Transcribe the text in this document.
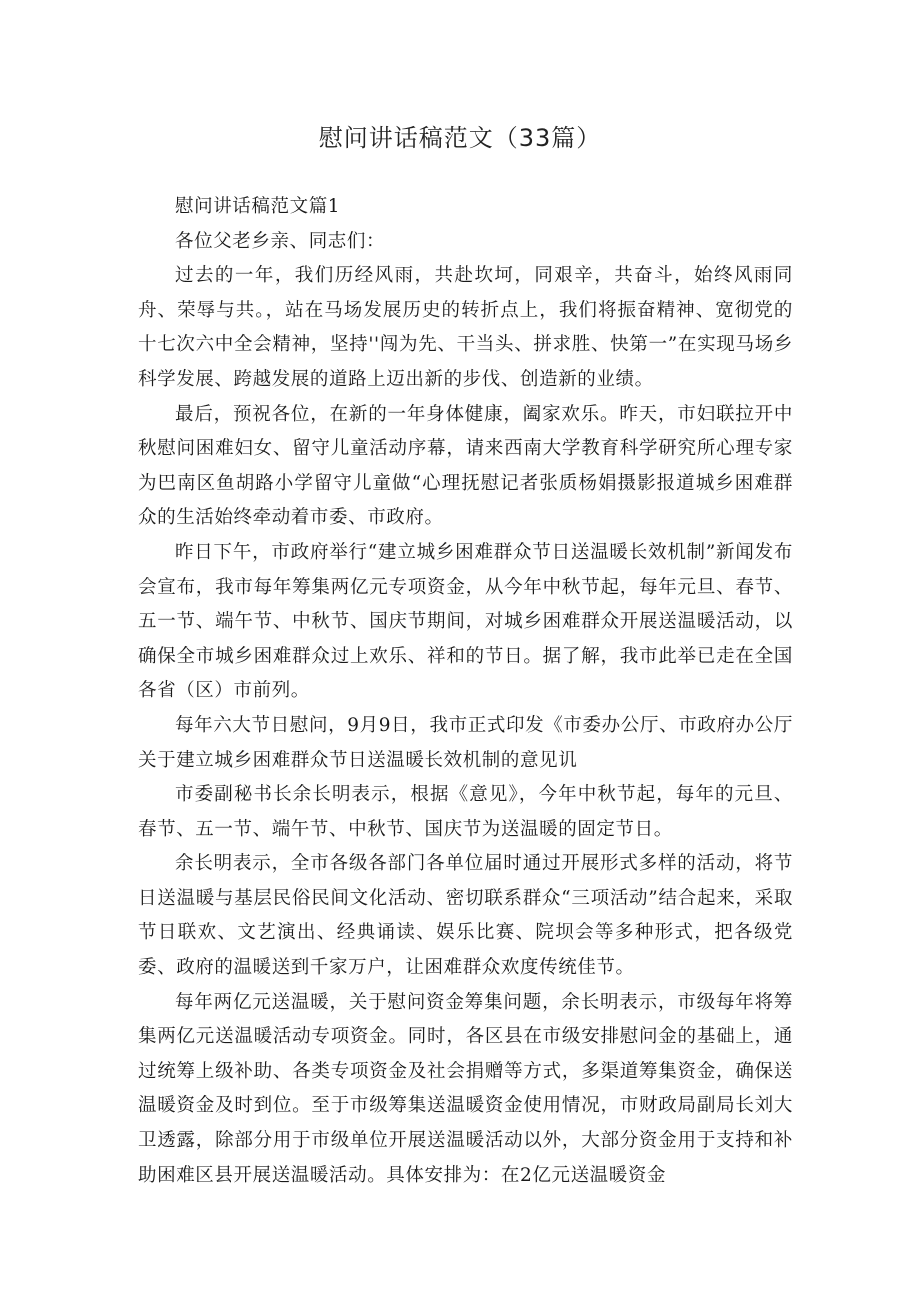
慰问讲话稿范文（33篇）

慰问讲话稿范文篇1

各位父老乡亲、同志们：

过去的一年，我们历经风雨，共赴坎坷，同艰辛，共奋斗，始终风雨同舟、荣辱与共。，站在马场发展历史的转折点上，我们将振奋精神、宽彻党的十七次六中全会精神，坚持''闯为先、干当头、拼求胜、快第一”在实现马场乡科学发展、跨越发展的道路上迈出新的步伐、创造新的业绩。

最后，预祝各位，在新的一年身体健康，阖家欢乐。昨天，市妇联拉开中秋慰问困难妇女、留守儿童活动序幕，请来西南大学教育科学研究所心理专家为巴南区鱼胡路小学留守儿童做“心理抚慰记者张质杨娟摄影报道城乡困难群众的生活始终牵动着市委、市政府。

昨日下午，市政府举行“建立城乡困难群众节日送温暖长效机制”新闻发布会宣布，我市每年筹集两亿元专项资金，从今年中秋节起，每年元旦、春节、五一节、端午节、中秋节、国庆节期间，对城乡困难群众开展送温暖活动，以确保全市城乡困难群众过上欢乐、祥和的节日。据了解，我市此举已走在全国各省（区）市前列。

每年六大节日慰问，9月9日，我市正式印发《市委办公厅、市政府办公厅关于建立城乡困难群众节日送温暖长效机制的意见讥

市委副秘书长余长明表示，根据《意见》，今年中秋节起，每年的元旦、春节、五一节、端午节、中秋节、国庆节为送温暖的固定节日。

余长明表示，全市各级各部门各单位届时通过开展形式多样的活动，将节日送温暖与基层民俗民间文化活动、密切联系群众“三项活动”结合起来，采取节日联欢、文艺演出、经典诵读、娱乐比赛、院坝会等多种形式，把各级党委、政府的温暖送到千家万户，让困难群众欢度传统佳节。

每年两亿元送温暖，关于慰问资金筹集问题，余长明表示，市级每年将筹集两亿元送温暖活动专项资金。同时，各区县在市级安排慰问金的基础上，通过统筹上级补助、各类专项资金及社会捐赠等方式，多渠道筹集资金，确保送温暖资金及时到位。至于市级筹集送温暖资金使用情况，市财政局副局长刘大卫透露，除部分用于市级单位开展送温暖活动以外，大部分资金用于支持和补助困难区县开展送温暖活动。具体安排为：在2亿元送温暖资金
